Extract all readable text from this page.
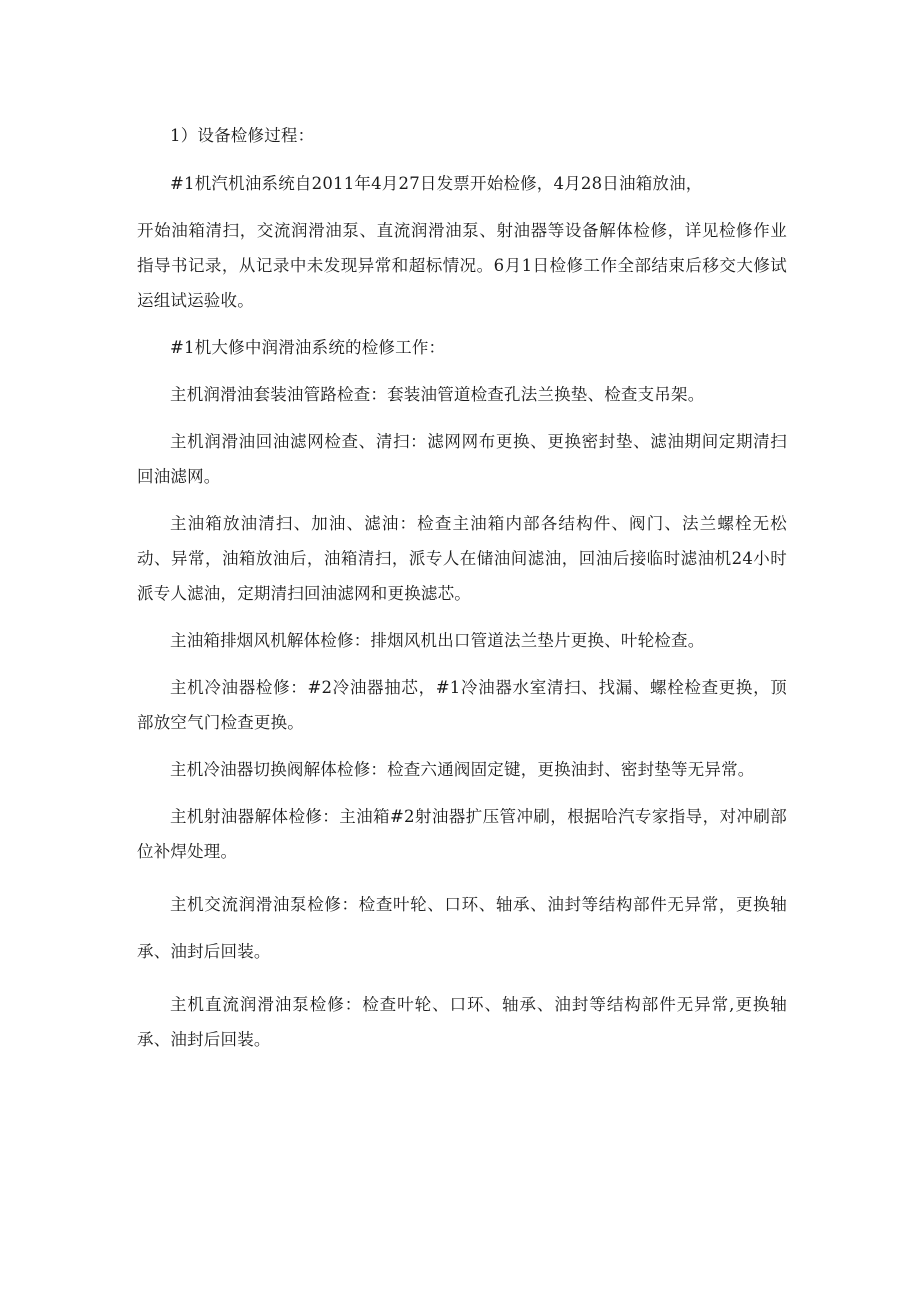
1）设备检修过程：

#1机汽机油系统自2011年4月27日发票开始检修，4月28日油箱放油，

开始油箱清扫，交流润滑油泵、直流润滑油泵、射油器等设备解体检修，详见检修作业指导书记录，从记录中未发现异常和超标情况。6月1日检修工作全部结束后移交大修试运组试运验收。

#1机大修中润滑油系统的检修工作：

主机润滑油套装油管路检查：套装油管道检查孔法兰换垫、检查支吊架。

主机润滑油回油滤网检查、清扫：滤网网布更换、更换密封垫、滤油期间定期清扫回油滤网。

主油箱放油清扫、加油、滤油：检查主油箱内部各结构件、阀门、法兰螺栓无松动、异常，油箱放油后，油箱清扫，派专人在储油间滤油，回油后接临时滤油机24小时派专人滤油，定期清扫回油滤网和更换滤芯。

主油箱排烟风机解体检修：排烟风机出口管道法兰垫片更换、叶轮检查。

主机冷油器检修：#2冷油器抽芯，#1冷油器水室清扫、找漏、螺栓检查更换，顶部放空气门检查更换。

主机冷油器切换阀解体检修：检查六通阀固定键，更换油封、密封垫等无异常。

主机射油器解体检修：主油箱#2射油器扩压管冲刷，根据哈汽专家指导，对冲刷部位补焊处理。

主机交流润滑油泵检修：检查叶轮、口环、轴承、油封等结构部件无异常，更换轴承、油封后回装。

主机直流润滑油泵检修：检查叶轮、口环、轴承、油封等结构部件无异常,更换轴承、油封后回装。
